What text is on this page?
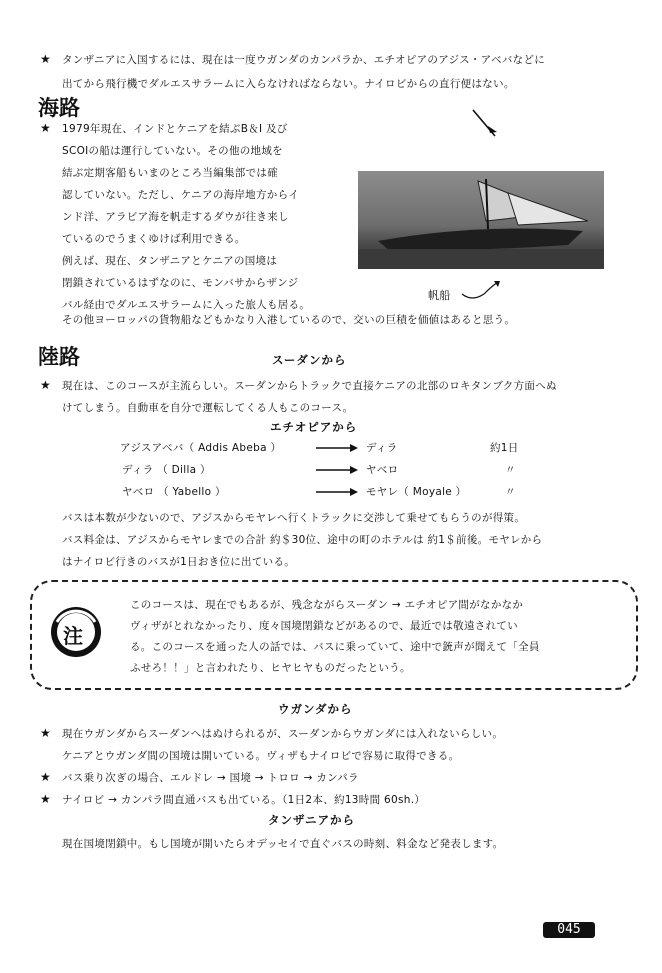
★ タンザニアに入国するには、現在は一度ウガンダのカンパラか、エチオピアのアジス・アベバなどに
出てから飛行機でダルエスサラームに入らなければならない。ナイロビからの直行便はない。
海路
★ 1979年現在、インドとケニアを結ぶB＆I 及び
SCOIの船は運行していない。その他の地域を
結ぶ定期客船もいまのところ当編集部では確
認していない。ただし、ケニアの海岸地方からイ
ンド洋、アラビア海を帆走するダウが往き来し
ているのでうまくゆけば利用できる。
例えば、現在、タンザニアとケニアの国境は
閉鎖されているはずなのに、モンバサからザンジ
バル経由でダルエスサラームに入った旅人も居る。
帆船
その他ヨーロッパの貨物船などもかなり入港しているので、交いの巨積を価値はあると思う。
陸路	スーダンから
★ 現在は、このコースが主流らしい。スーダンからトラックで直接ケニアの北部のロキタンブク方面へぬ
けてしまう。自動車を自分で運転してくる人もこのコース。
エチオピアから
アジスアベバ（ Addis Abeba ）	ディラ	約1日
ディラ （ Dilla ）	ヤベロ	〃
ヤベロ （ Yabello ）	モヤレ（ Moyale ）	〃
バスは本数が少ないので、アジスからモヤレへ行くトラックに交渉して乗せてもらうのが得策。
バス料金は、アジスからモヤレまでの合計 約＄30位、途中の町のホテルは 約1＄前後。モヤレから
はナイロビ行きのバスが1日おき位に出ている。
注
このコースは、現在でもあるが、残念ながらスーダン → エチオピア間がなかなか
ヴィザがとれなかったり、度々国境閉鎖などがあるので、最近では敬遠されてい
る。このコースを通った人の話では、バスに乗っていて、途中で銃声が聞えて「全員
ふせろ！！」と言われたり、ヒヤヒヤものだったという。
ウガンダから
★ 現在ウガンダからスーダンへはぬけられるが、スーダンからウガンダには入れないらしい。
ケニアとウガンダ間の国境は開いている。ヴィザもナイロビで容易に取得できる。
★ バス乗り次ぎの場合、エルドレ → 国境 → トロロ → カンパラ
★ ナイロビ → カンパラ間直通バスも出ている。（1日2本、約13時間 60sh.）
タンザニアから
現在国境閉鎖中。もし国境が開いたらオデッセイで直ぐバスの時刻、料金など発表します。
045
